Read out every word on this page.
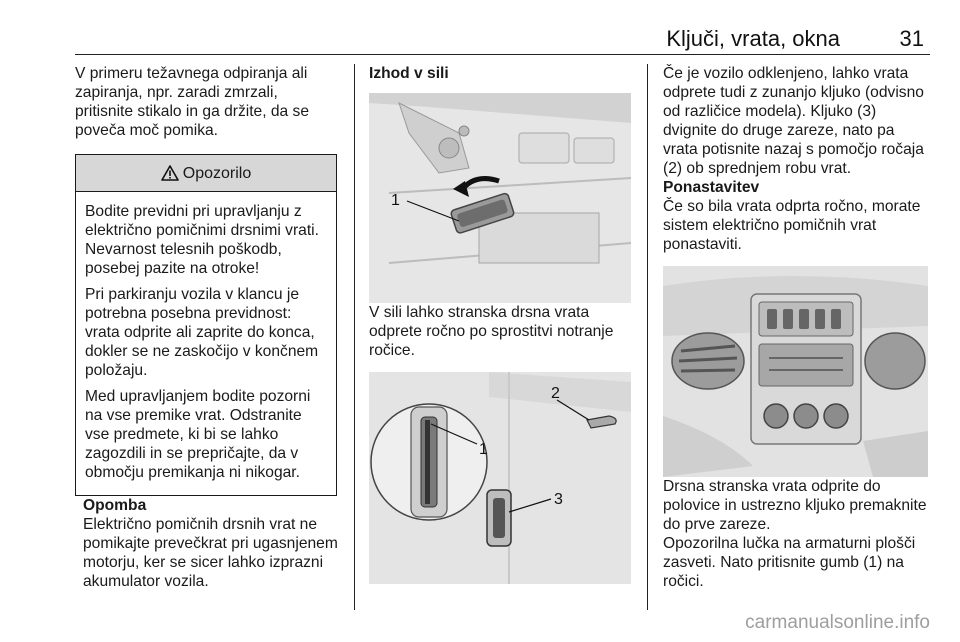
Ključi, vrata, okna	31

V primeru težavnega odpiranja ali zapiranja, npr. zaradi zmrzali, pritisnite stikalo in ga držite, da se poveča moč pomika.

Opozorilo

Bodite previdni pri upravljanju z električno pomičnimi drsnimi vrati. Nevarnost telesnih poškodb, posebej pazite na otroke!

Pri parkiranju vozila v klancu je potrebna posebna previdnost: vrata odprite ali zaprite do konca, dokler se ne zaskočijo v končnem položaju.

Med upravljanjem bodite pozorni na vse premike vrat. Odstranite vse predmete, ki bi se lahko zagozdili in se prepričajte, da v območju premikanja ni nikogar.

Opomba

Električno pomičnih drsnih vrat ne pomikajte prevečkrat pri ugasnjenem motorju, ker se sicer lahko izprazni akumulator vozila.

Izhod v sili

1

V sili lahko stranska drsna vrata odprete ročno po sprostitvi notranje ročice.

1
2
3

Če je vozilo odklenjeno, lahko vrata odprete tudi z zunanjo kljuko (odvisno od različice modela). Kljuko (3) dvignite do druge zareze, nato pa vrata potisnite nazaj s pomočjo ročaja (2) ob sprednjem robu vrat.

Ponastavitev

Če so bila vrata odprta ročno, morate sistem električno pomičnih vrat ponastaviti.

Drsna stranska vrata odprite do polovice in ustrezno kljuko premaknite do prve zareze.

Opozorilna lučka na armaturni plošči zasveti. Nato pritisnite gumb (1) na ročici.

carmanualsonline.info
